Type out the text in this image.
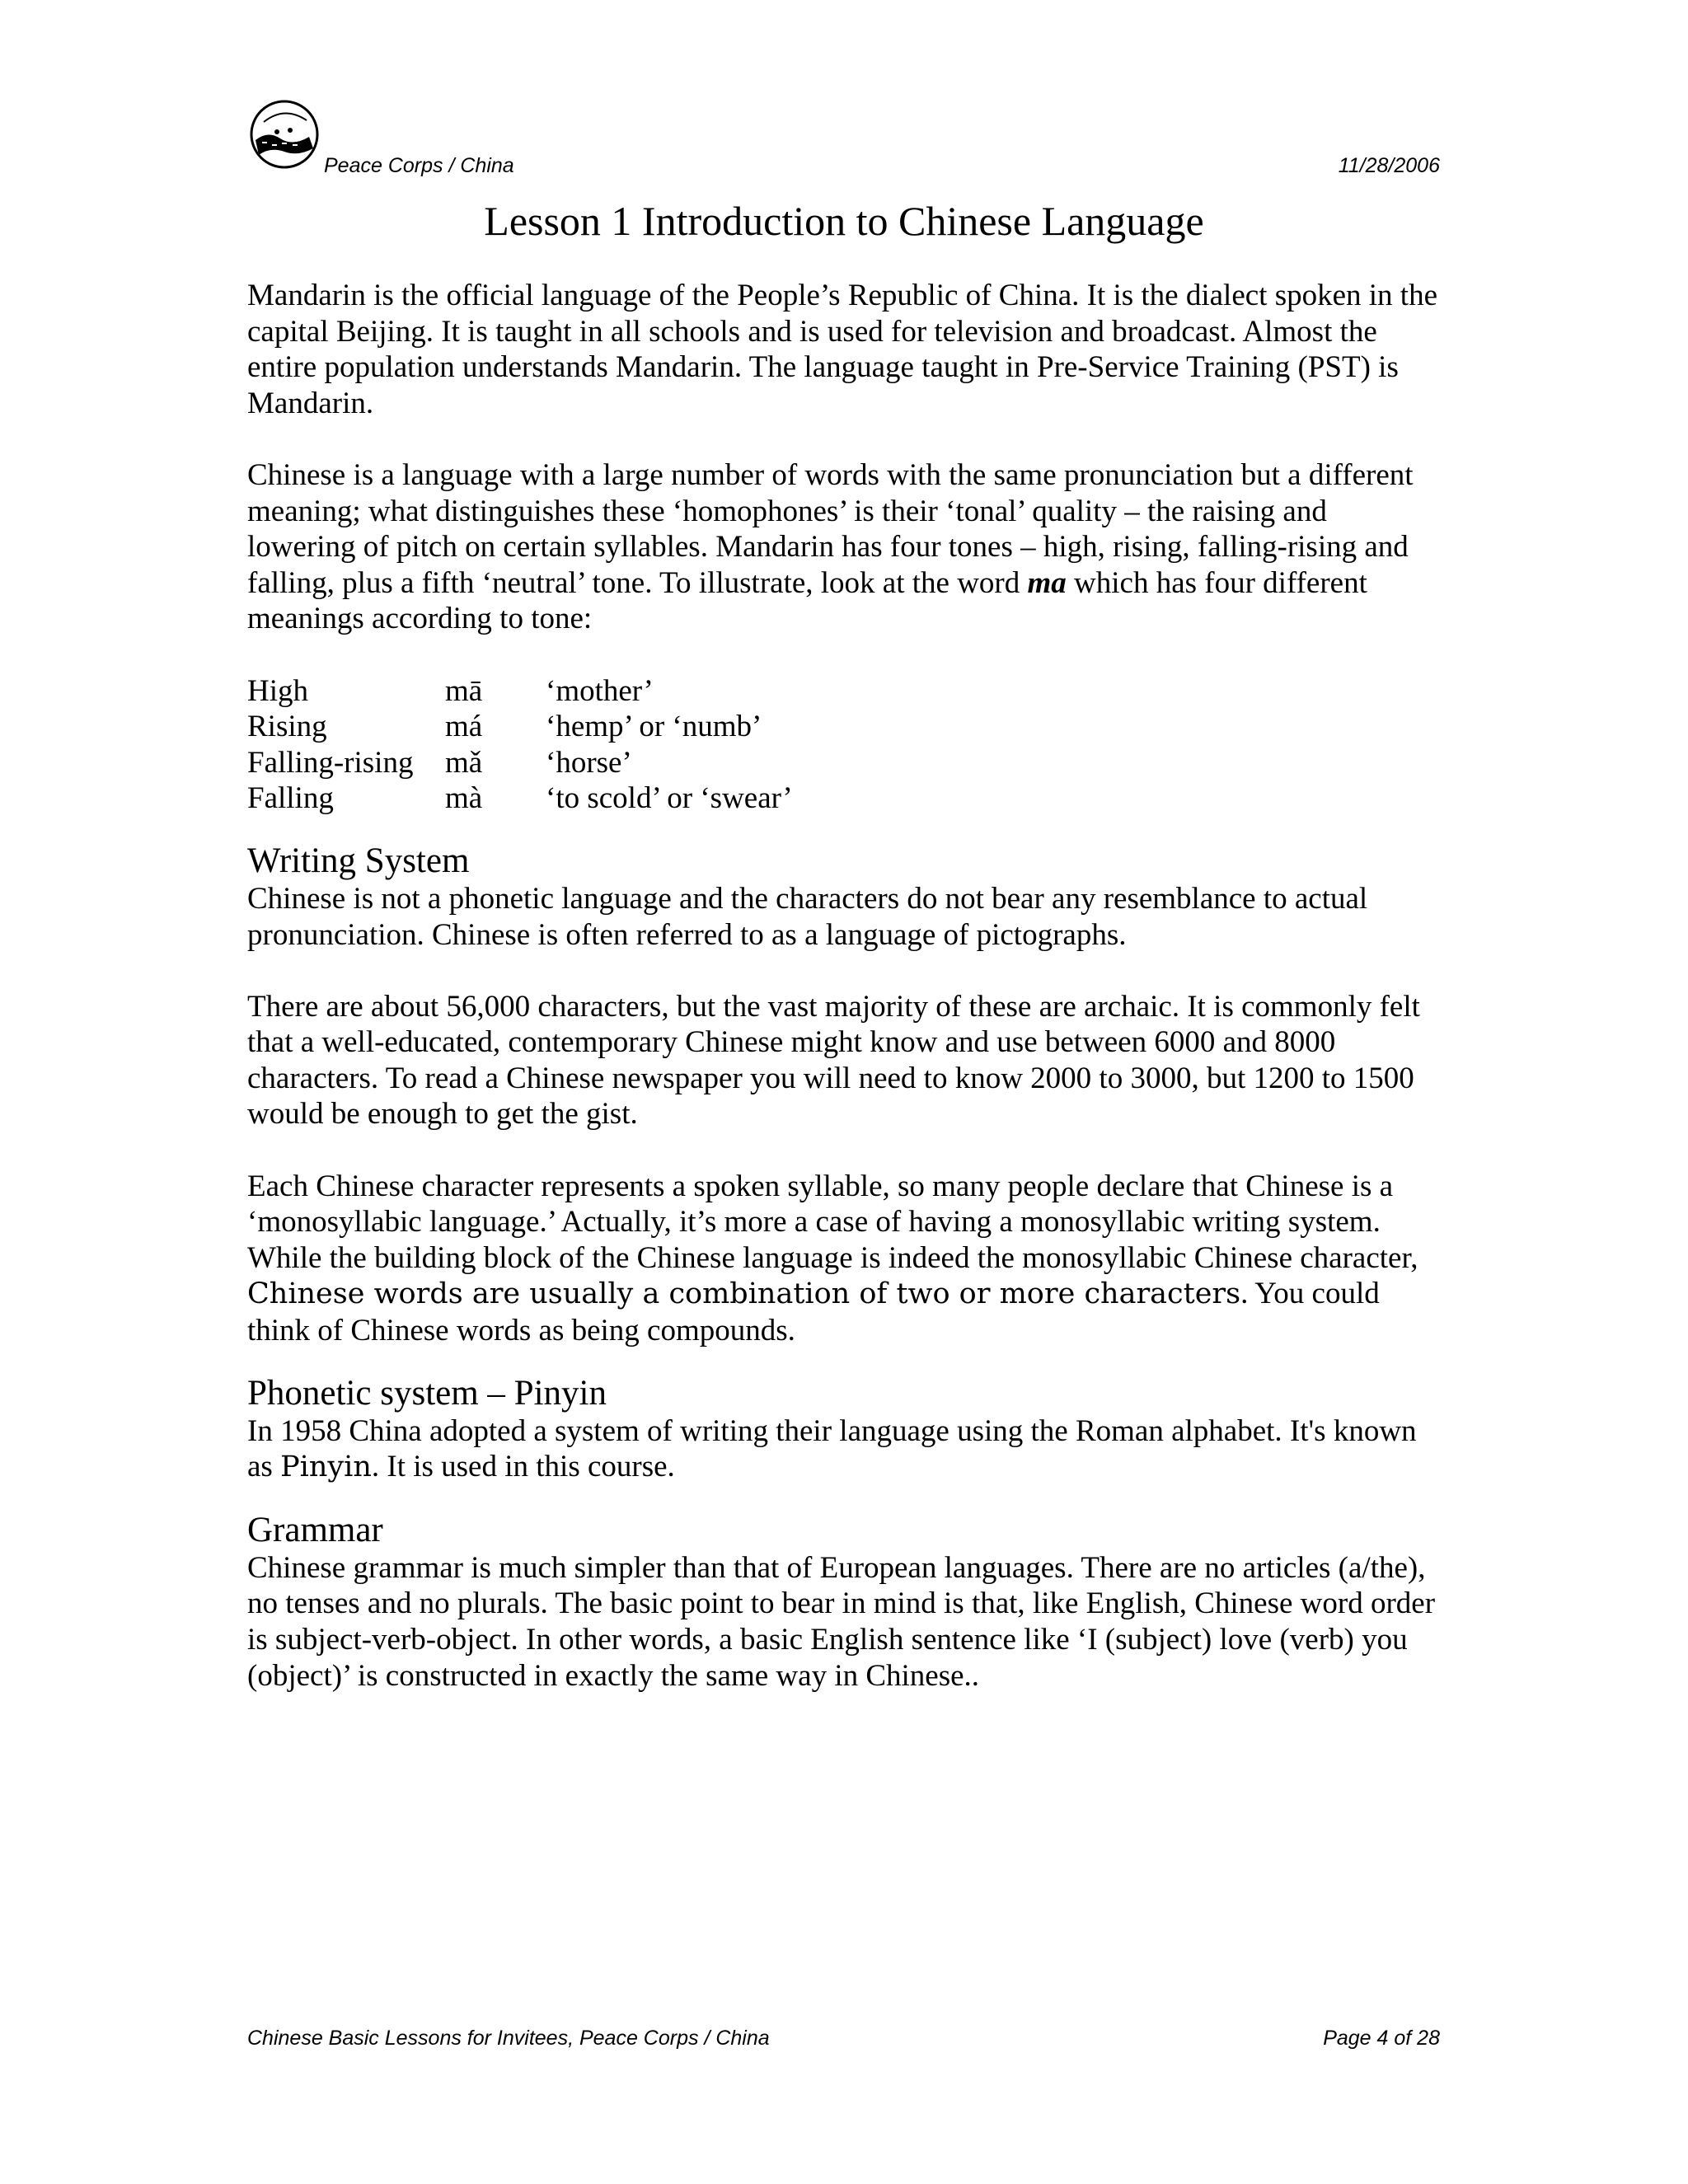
Peace Corps / China	11/28/2006
Lesson 1 Introduction to Chinese Language

Mandarin is the official language of the People’s Republic of China. It is the dialect spoken in the capital Beijing. It is taught in all schools and is used for television and broadcast. Almost the entire population understands Mandarin. The language taught in Pre-Service Training (PST) is Mandarin.

Chinese is a language with a large number of words with the same pronunciation but a different meaning; what distinguishes these ‘homophones’ is their ‘tonal’ quality – the raising and lowering of pitch on certain syllables. Mandarin has four tones – high, rising, falling-rising and falling, plus a fifth ‘neutral’ tone. To illustrate, look at the word ma which has four different meanings according to tone:

High	mā	‘mother’
Rising	má	‘hemp’ or ‘numb’
Falling-rising	mǎ	‘horse’
Falling	mà	‘to scold’ or ‘swear’
Writing System

Chinese is not a phonetic language and the characters do not bear any resemblance to actual pronunciation. Chinese is often referred to as a language of pictographs.

There are about 56,000 characters, but the vast majority of these are archaic. It is commonly felt that a well-educated, contemporary Chinese might know and use between 6000 and 8000 characters. To read a Chinese newspaper you will need to know 2000 to 3000, but 1200 to 1500 would be enough to get the gist.

Each Chinese character represents a spoken syllable, so many people declare that Chinese is a ‘monosyllabic language.’ Actually, it’s more a case of having a monosyllabic writing system. While the building block of the Chinese language is indeed the monosyllabic Chinese character, Chinese words are usually a combination of two or more characters. You could think of Chinese words as being compounds.

Phonetic system – Pinyin

In 1958 China adopted a system of writing their language using the Roman alphabet. It's known as Pinyin. It is used in this course.

Grammar

Chinese grammar is much simpler than that of European languages. There are no articles (a/the), no tenses and no plurals. The basic point to bear in mind is that, like English, Chinese word order is subject-verb-object. In other words, a basic English sentence like ‘I (subject) love (verb) you (object)’ is constructed in exactly the same way in Chinese..

Chinese Basic Lessons for Invitees, Peace Corps / China	Page 4 of 28
